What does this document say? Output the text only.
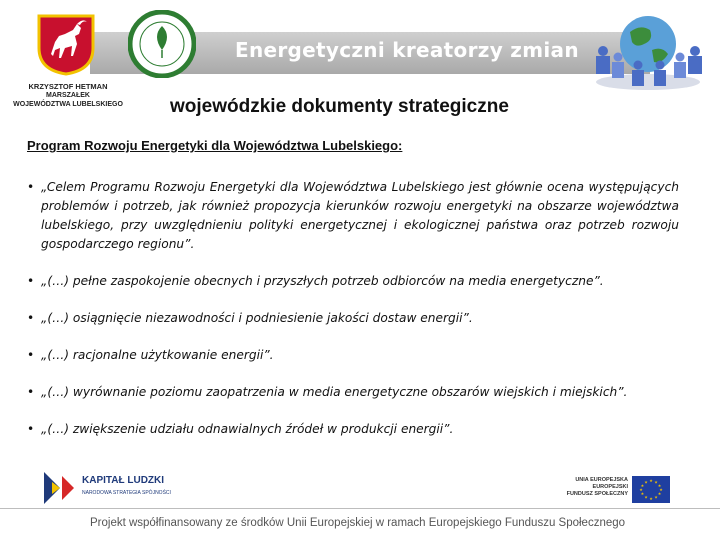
Energetyczni kreatorzy zmian
KRZYSZTOF HETMAN
MARSZAŁEK
WOJEWÓDZTWA LUBELSKIEGO	wojewódzkie dokumenty strategiczne
Program Rozwoju Energetyki dla Województwa Lubelskiego:
• „Celem Programu Rozwoju Energetyki dla Województwa Lubelskiego jest głównie ocena występujących problemów i potrzeb, jak również propozycja kierunków rozwoju energetyki na obszarze województwa lubelskiego, przy uwzględnieniu polityki energetycznej i ekologicznej państwa oraz potrzeb rozwoju gospodarczego regionu”.
• „(…) pełne zaspokojenie obecnych i przyszłych potrzeb odbiorców na media energetyczne”.
• „(…) osiągnięcie niezawodności i podniesienie jakości dostaw energii”.
• „(…) racjonalne użytkowanie energii”.
• „(…) wyrównanie poziomu zaopatrzenia w media energetyczne obszarów wiejskich i miejskich”.
• „(…) zwiększenie udziału odnawialnych źródeł w produkcji energii”.
KAPITAŁ LUDZKI
NARODOWA STRATEGIA SPÓJNOŚCI
UNIA EUROPEJSKA
EUROPEJSKI
FUNDUSZ SPOŁECZNY
★ ★
★
★
★
★
★
★
★
★
★
★
Projekt współfinansowany ze środków Unii Europejskiej w ramach Europejskiego Funduszu Społecznego
